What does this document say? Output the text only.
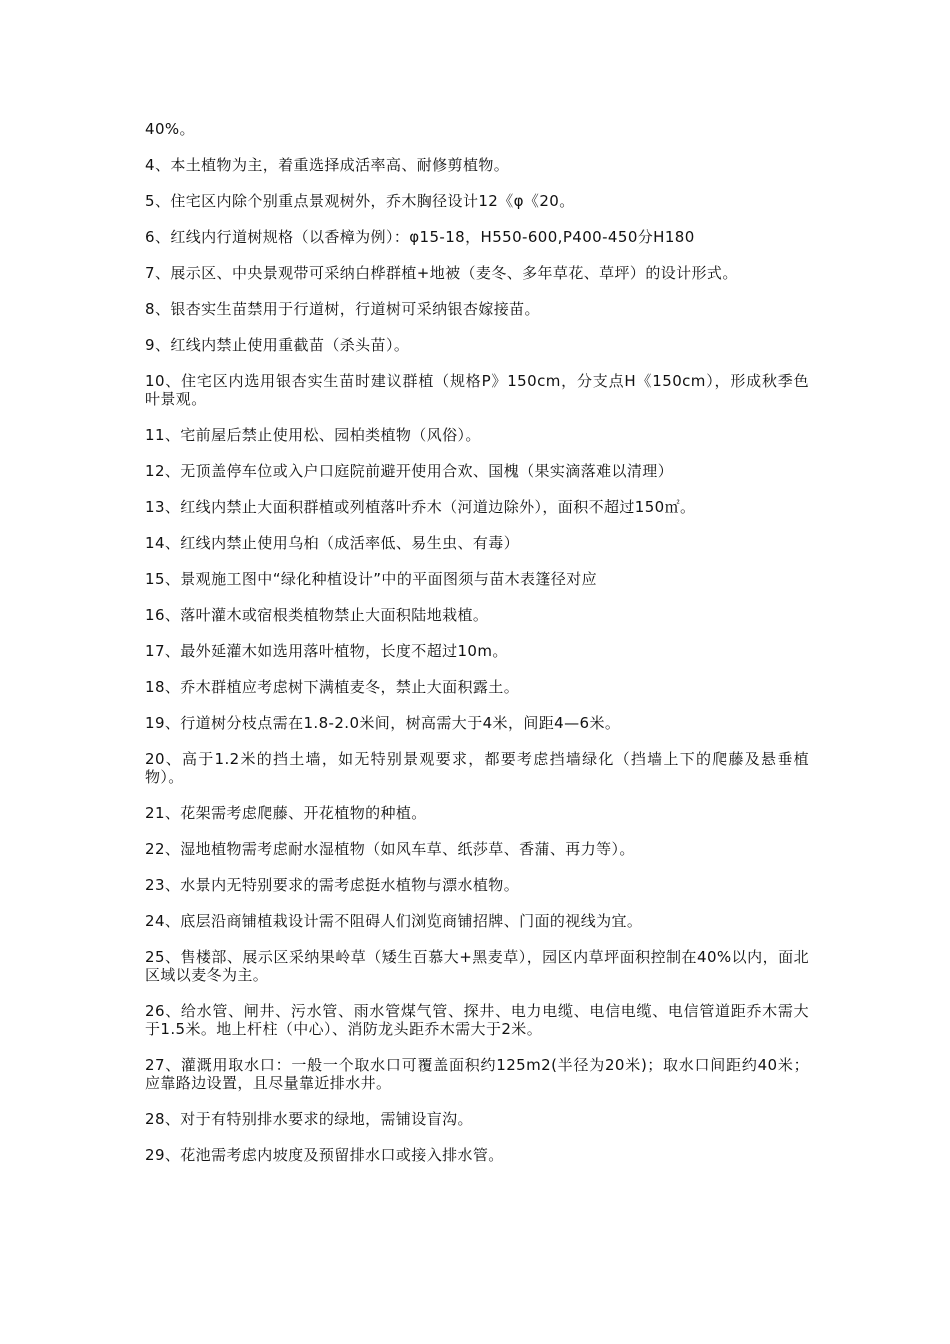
40%。

4、本土植物为主，着重选择成活率高、耐修剪植物。

5、住宅区内除个别重点景观树外，乔木胸径设计12《φ《20。

6、红线内行道树规格（以香樟为例）：φ15-18，H550-600,P400-450分H180

7、展示区、中央景观带可采纳白桦群植+地被（麦冬、多年草花、草坪）的设计形式。

8、银杏实生苗禁用于行道树，行道树可采纳银杏嫁接苗。

9、红线内禁止使用重截苗（杀头苗）。

10、住宅区内选用银杏实生苗时建议群植（规格P》150cm，分支点H《150cm），形成秋季色叶景观。

11、宅前屋后禁止使用松、园柏类植物（风俗）。

12、无顶盖停车位或入户口庭院前避开使用合欢、国槐（果实滴落难以清理）

13、红线内禁止大面积群植或列植落叶乔木（河道边除外），面积不超过150㎡。

14、红线内禁止使用乌桕（成活率低、易生虫、有毒）

15、景观施工图中“绿化种植设计”中的平面图须与苗木表篷径对应

16、落叶灌木或宿根类植物禁止大面积陆地栽植。

17、最外延灌木如选用落叶植物，长度不超过10m。

18、乔木群植应考虑树下满植麦冬，禁止大面积露土。

19、行道树分枝点需在1.8-2.0米间，树高需大于4米，间距4—6米。

20、高于1.2米的挡土墙，如无特别景观要求，都要考虑挡墙绿化（挡墙上下的爬藤及悬垂植物）。

21、花架需考虑爬藤、开花植物的种植。

22、湿地植物需考虑耐水湿植物（如风车草、纸莎草、香蒲、再力等）。

23、水景内无特别要求的需考虑挺水植物与漂水植物。

24、底层沿商铺植栽设计需不阻碍人们浏览商铺招牌、门面的视线为宜。

25、售楼部、展示区采纳果岭草（矮生百慕大+黑麦草），园区内草坪面积控制在40%以内，面北区域以麦冬为主。

26、给水管、闸井、污水管、雨水管煤气管、探井、电力电缆、电信电缆、电信管道距乔木需大于1.5米。地上杆柱（中心）、消防龙头距乔木需大于2米。

27、灌溉用取水口：一般一个取水口可覆盖面积约125m2(半径为20米)；取水口间距约40米；应靠路边设置，且尽量靠近排水井。

28、对于有特别排水要求的绿地，需铺设盲沟。

29、花池需考虑内坡度及预留排水口或接入排水管。
